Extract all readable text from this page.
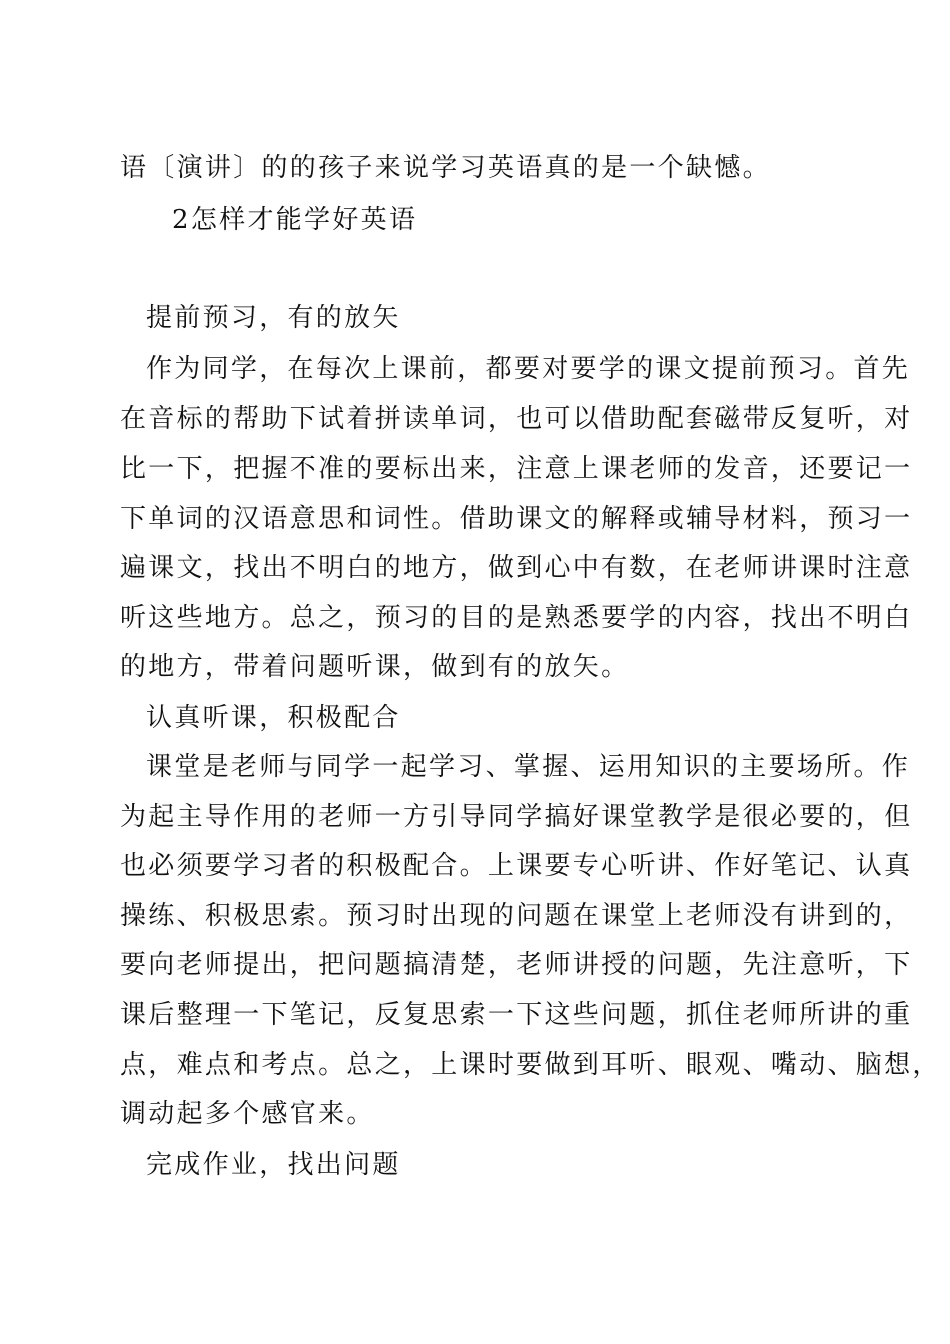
语〔演讲〕的的孩子来说学习英语真的是一个缺憾。
2怎样才能学好英语
提前预习，有的放矢
作为同学，在每次上课前，都要对要学的课文提前预习。首先
在音标的帮助下试着拼读单词，也可以借助配套磁带反复听，对
比一下，把握不准的要标出来，注意上课老师的发音，还要记一
下单词的汉语意思和词性。借助课文的解释或辅导材料，预习一
遍课文，找出不明白的地方，做到心中有数，在老师讲课时注意
听这些地方。总之，预习的目的是熟悉要学的内容，找出不明白
的地方，带着问题听课，做到有的放矢。
认真听课，积极配合
课堂是老师与同学一起学习、掌握、运用知识的主要场所。作
为起主导作用的老师一方引导同学搞好课堂教学是很必要的，但
也必须要学习者的积极配合。上课要专心听讲、作好笔记、认真
操练、积极思索。预习时出现的问题在课堂上老师没有讲到的，
要向老师提出，把问题搞清楚，老师讲授的问题，先注意听，下
课后整理一下笔记，反复思索一下这些问题，抓住老师所讲的重
点，难点和考点。总之，上课时要做到耳听、眼观、嘴动、脑想，
调动起多个感官来。
完成作业，找出问题
